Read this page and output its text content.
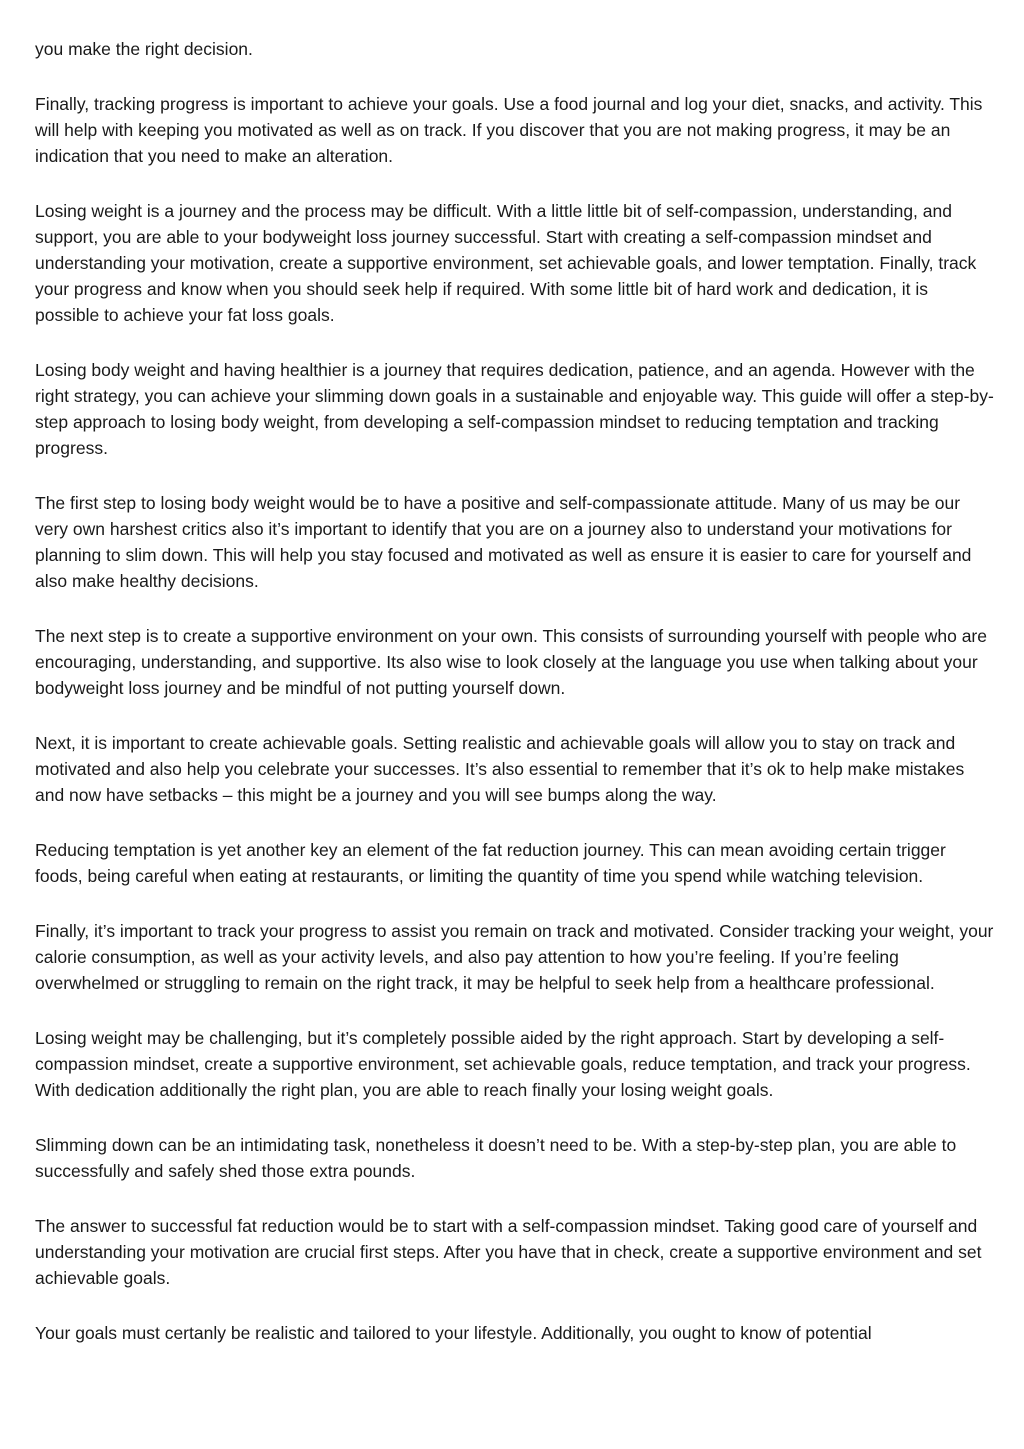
you make the right decision.

Finally, tracking progress is important to achieve your goals. Use a food journal and log your diet, snacks, and activity. This will help with keeping you motivated as well as on track. If you discover that you are not making progress, it may be an indication that you need to make an alteration.

Losing weight is a journey and the process may be difficult. With a little little bit of self-compassion, understanding, and support, you are able to your bodyweight loss journey successful. Start with creating a self-compassion mindset and understanding your motivation, create a supportive environment, set achievable goals, and lower temptation. Finally, track your progress and know when you should seek help if required. With some little bit of hard work and dedication, it is possible to achieve your fat loss goals.

Losing body weight and having healthier is a journey that requires dedication, patience, and an agenda. However with the right strategy, you can achieve your slimming down goals in a sustainable and enjoyable way. This guide will offer a step-by-step approach to losing body weight, from developing a self-compassion mindset to reducing temptation and tracking progress.

The first step to losing body weight would be to have a positive and self-compassionate attitude. Many of us may be our very own harshest critics also it’s important to identify that you are on a journey also to understand your motivations for planning to slim down. This will help you stay focused and motivated as well as ensure it is easier to care for yourself and also make healthy decisions.

The next step is to create a supportive environment on your own. This consists of surrounding yourself with people who are encouraging, understanding, and supportive. Its also wise to look closely at the language you use when talking about your bodyweight loss journey and be mindful of not putting yourself down.

Next, it is important to create achievable goals. Setting realistic and achievable goals will allow you to stay on track and motivated and also help you celebrate your successes. It’s also essential to remember that it’s ok to help make mistakes and now have setbacks – this might be a journey and you will see bumps along the way.

Reducing temptation is yet another key an element of the fat reduction journey. This can mean avoiding certain trigger foods, being careful when eating at restaurants, or limiting the quantity of time you spend while watching television.

Finally, it’s important to track your progress to assist you remain on track and motivated. Consider tracking your weight, your calorie consumption, as well as your activity levels, and also pay attention to how you’re feeling. If you’re feeling overwhelmed or struggling to remain on the right track, it may be helpful to seek help from a healthcare professional.

Losing weight may be challenging, but it’s completely possible aided by the right approach. Start by developing a self-compassion mindset, create a supportive environment, set achievable goals, reduce temptation, and track your progress. With dedication additionally the right plan, you are able to reach finally your losing weight goals.

Slimming down can be an intimidating task, nonetheless it doesn’t need to be. With a step-by-step plan, you are able to successfully and safely shed those extra pounds.

The answer to successful fat reduction would be to start with a self-compassion mindset. Taking good care of yourself and understanding your motivation are crucial first steps. After you have that in check, create a supportive environment and set achievable goals.

Your goals must certanly be realistic and tailored to your lifestyle. Additionally, you ought to know of potential
